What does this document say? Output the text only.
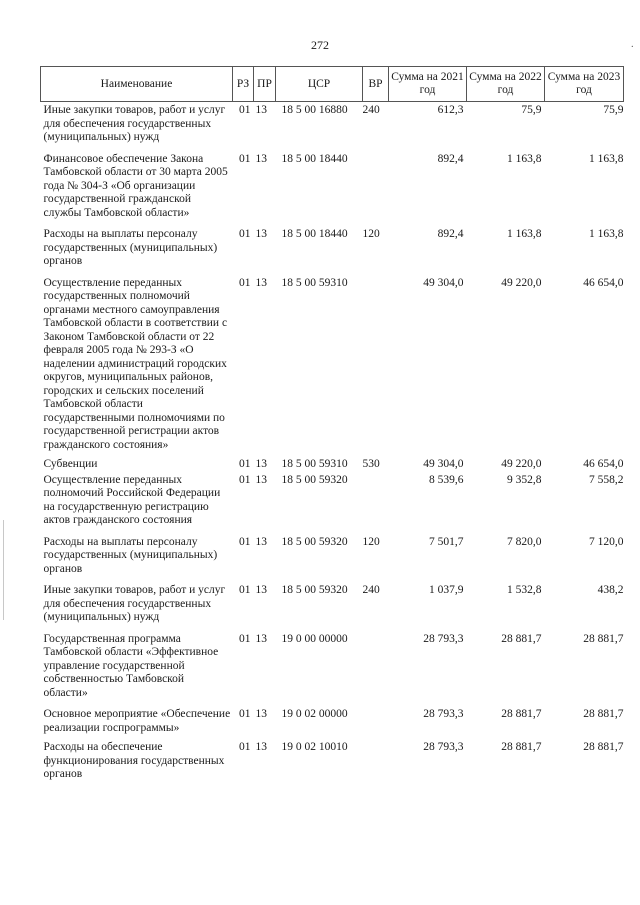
272	·
Наименование	РЗ	ПР	ЦСР	ВР	Сумма на 2021 год	Сумма на 2022 год	Сумма на 2023 год
Иные закупки товаров, работ и услуг для обеспечения государственных (муниципальных) нужд	01	13	18 5 00 16880	240	612,3	75,9	75,9
Финансовое обеспечение Закона Тамбовской области от 30 марта 2005 года № 304-З «Об организации государственной гражданской службы Тамбовской области»	01	13	18 5 00 18440		892,4	1 163,8	1 163,8
Расходы на выплаты персоналу государственных (муниципальных) органов	01	13	18 5 00 18440	120	892,4	1 163,8	1 163,8
Осуществление переданных государственных полномочий органами местного самоуправления Тамбовской области в соответствии с Законом Тамбовской области от 22 февраля 2005 года № 293-З «О наделении администраций городских округов, муниципальных районов, городских и сельских поселений Тамбовской области государственными полномочиями по государственной регистрации актов гражданского состояния»	01	13	18 5 00 59310		49 304,0	49 220,0	46 654,0
Субвенции	01	13	18 5 00 59310	530	49 304,0	49 220,0	46 654,0
Осуществление переданных полномочий Российской Федерации на государственную регистрацию актов гражданского состояния	01	13	18 5 00 59320		8 539,6	9 352,8	7 558,2
Расходы на выплаты персоналу государственных (муниципальных) органов	01	13	18 5 00 59320	120	7 501,7	7 820,0	7 120,0
Иные закупки товаров, работ и услуг для обеспечения государственных (муниципальных) нужд	01	13	18 5 00 59320	240	1 037,9	1 532,8	438,2
Государственная программа Тамбовской области «Эффективное управление государственной собственностью Тамбовской области»	01	13	19 0 00 00000		28 793,3	28 881,7	28 881,7
Основное мероприятие «Обеспечение реализации госпрограммы»	01	13	19 0 02 00000		28 793,3	28 881,7	28 881,7
Расходы на обеспечение функционирования государственных органов	01	13	19 0 02 10010		28 793,3	28 881,7	28 881,7
